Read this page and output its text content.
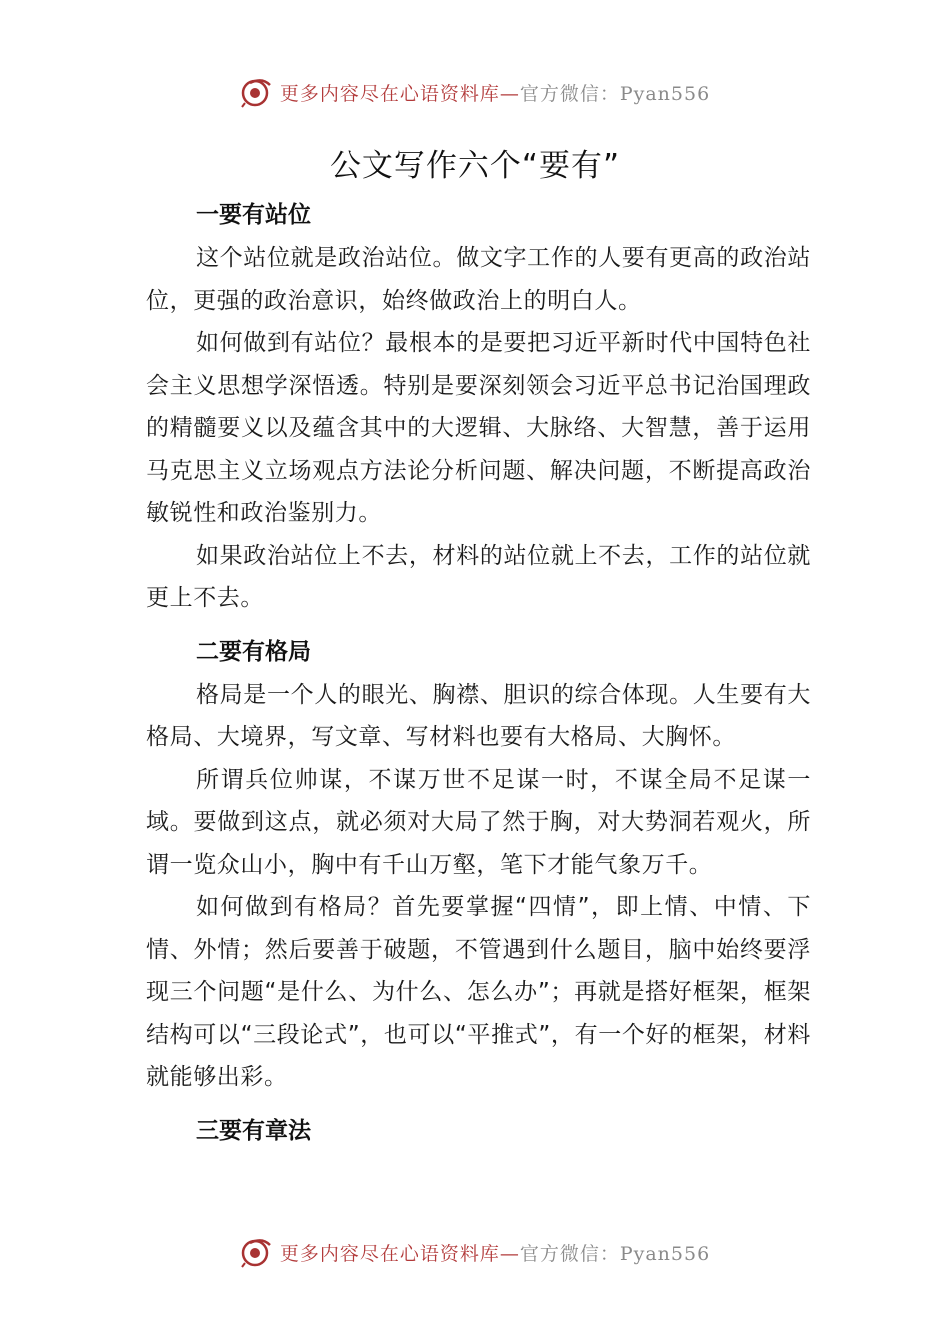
更多内容尽在心语资料库—官方微信：Pyan556
公文写作六个“要有”
一要有站位

这个站位就是政治站位。做文字工作的人要有更高的政治站位，更强的政治意识，始终做政治上的明白人。

如何做到有站位？最根本的是要把习近平新时代中国特色社会主义思想学深悟透。特别是要深刻领会习近平总书记治国理政的精髓要义以及蕴含其中的大逻辑、大脉络、大智慧，善于运用马克思主义立场观点方法论分析问题、解决问题，不断提高政治敏锐性和政治鉴别力。

如果政治站位上不去，材料的站位就上不去，工作的站位就更上不去。

二要有格局

格局是一个人的眼光、胸襟、胆识的综合体现。人生要有大格局、大境界，写文章、写材料也要有大格局、大胸怀。

所谓兵位帅谋，不谋万世不足谋一时，不谋全局不足谋一域。要做到这点，就必须对大局了然于胸，对大势洞若观火，所谓一览众山小，胸中有千山万壑，笔下才能气象万千。

如何做到有格局？首先要掌握“四情”，即上情、中情、下情、外情；然后要善于破题，不管遇到什么题目，脑中始终要浮现三个问题“是什么、为什么、怎么办”；再就是搭好框架，框架结构可以“三段论式”，也可以“平推式”，有一个好的框架，材料就能够出彩。

三要有章法
更多内容尽在心语资料库—官方微信：Pyan556
